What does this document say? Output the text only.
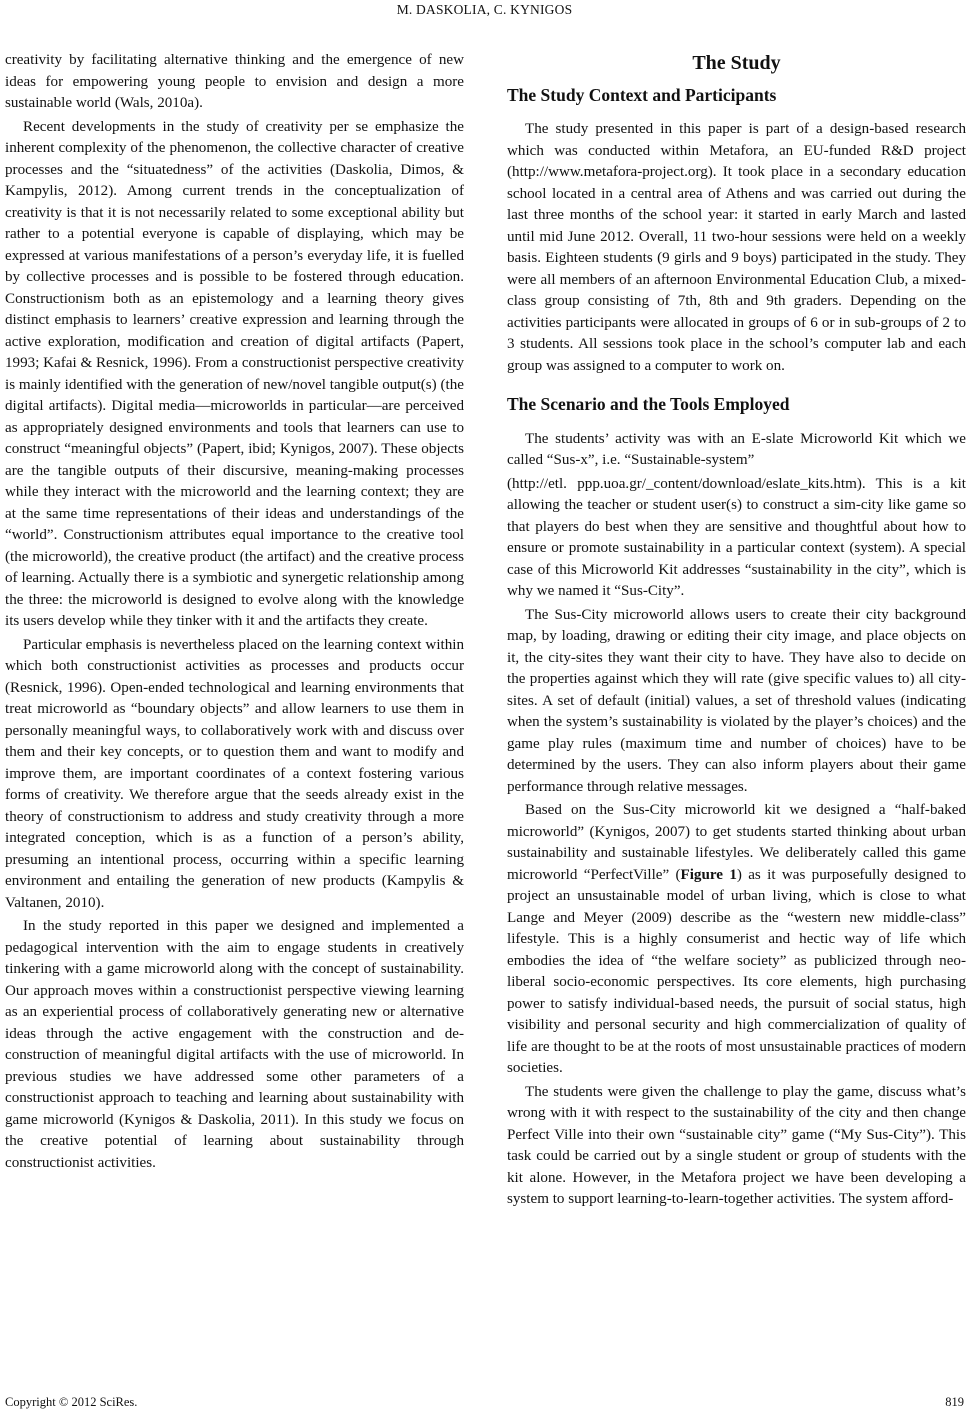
M. DASKOLIA, C. KYNIGOS

creativity by facilitating alternative thinking and the emergence of new ideas for empowering young people to envision and design a more sustainable world (Wals, 2010a).

Recent developments in the study of creativity per se emphasize the inherent complexity of the phenomenon, the collective character of creative processes and the “situatedness” of the activities (Daskolia, Dimos, & Kampylis, 2012). Among current trends in the conceptualization of creativity is that it is not necessarily related to some exceptional ability but rather to a potential everyone is capable of displaying, which may be expressed at various manifestations of a person’s everyday life, it is fuelled by collective processes and is possible to be fostered through education. Constructionism both as an epistemology and a learning theory gives distinct emphasis to learners’ creative expression and learning through the active exploration, modification and creation of digital artifacts (Papert, 1993; Kafai & Resnick, 1996). From a constructionist perspective creativity is mainly identified with the generation of new/novel tangible output(s) (the digital artifacts). Digital media—microworlds in particular—are perceived as appropriately designed environments and tools that learners can use to construct “meaningful objects” (Papert, ibid; Kynigos, 2007). These objects are the tangible outputs of their discursive, meaning-making processes while they interact with the microworld and the learning context; they are at the same time representations of their ideas and understandings of the “world”. Constructionism attributes equal importance to the creative tool (the microworld), the creative product (the artifact) and the creative process of learning. Actually there is a symbiotic and synergetic relationship among the three: the microworld is designed to evolve along with the knowledge its users develop while they tinker with it and the artifacts they create.

Particular emphasis is nevertheless placed on the learning context within which both constructionist activities as processes and products occur (Resnick, 1996). Open-ended technological and learning environments that treat microworld as “boundary objects” and allow learners to use them in personally meaningful ways, to collaboratively work with and discuss over them and their key concepts, or to question them and want to modify and improve them, are important coordinates of a context fostering various forms of creativity. We therefore argue that the seeds already exist in the theory of constructionism to address and study creativity through a more integrated conception, which is as a function of a person’s ability, presuming an intentional process, occurring within a specific learning environment and entailing the generation of new products (Kampylis & Valtanen, 2010).

In the study reported in this paper we designed and implemented a pedagogical intervention with the aim to engage students in creatively tinkering with a game microworld along with the concept of sustainability. Our approach moves within a constructionist perspective viewing learning as an experiential process of collaboratively generating new or alternative ideas through the active engagement with the construction and de-construction of meaningful digital artifacts with the use of microworld. In previous studies we have addressed some other parameters of a constructionist approach to teaching and learning about sustainability with game microworld (Kynigos & Daskolia, 2011). In this study we focus on the creative potential of learning about sustainability through constructionist activities.

The Study
The Study Context and Participants

The study presented in this paper is part of a design-based research which was conducted within Metafora, an EU-funded R&D project (http://www.metafora-project.org). It took place in a secondary education school located in a central area of Athens and was carried out during the last three months of the school year: it started in early March and lasted until mid June 2012. Overall, 11 two-hour sessions were held on a weekly basis. Eighteen students (9 girls and 9 boys) participated in the study. They were all members of an afternoon Environmental Education Club, a mixed-class group consisting of 7th, 8th and 9th graders. Depending on the activities participants were allocated in groups of 6 or in sub-groups of 2 to 3 students. All sessions took place in the school’s computer lab and each group was assigned to a computer to work on.

The Scenario and the Tools Employed

The students’ activity was with an E-slate Microworld Kit which we called “Sus-x”, i.e. “Sustainable-system”

(http://etl. ppp.uoa.gr/_content/download/eslate_kits.htm). This is a kit allowing the teacher or student user(s) to construct a sim-city like game so that players do best when they are sensitive and thoughtful about how to ensure or promote sustainability in a particular context (system). A special case of this Microworld Kit addresses “sustainability in the city”, which is why we named it “Sus-City”.

The Sus-City microworld allows users to create their city background map, by loading, drawing or editing their city image, and place objects on it, the city-sites they want their city to have. They have also to decide on the properties against which they will rate (give specific values to) all city-sites. A set of default (initial) values, a set of threshold values (indicating when the system’s sustainability is violated by the player’s choices) and the game play rules (maximum time and number of choices) have to be determined by the users. They can also inform players about their game performance through relative messages.

Based on the Sus-City microworld kit we designed a “half-baked microworld” (Kynigos, 2007) to get students started thinking about urban sustainability and sustainable lifestyles. We deliberately called this game microworld “PerfectVille” (Figure 1) as it was purposefully designed to project an unsustainable model of urban living, which is close to what Lange and Meyer (2009) describe as the “western new middle-class” lifestyle. This is a highly consumerist and hectic way of life which embodies the idea of “the welfare society” as publicized through neo-liberal socio-economic perspectives. Its core elements, high purchasing power to satisfy individual-based needs, the pursuit of social status, high visibility and personal security and high commercialization of quality of life are thought to be at the roots of most unsustainable practices of modern societies.

The students were given the challenge to play the game, discuss what’s wrong with it with respect to the sustainability of the city and then change Perfect Ville into their own “sustainable city” game (“My Sus-City”). This task could be carried out by a single student or group of students with the kit alone. However, in the Metafora project we have been developing a system to support learning-to-learn-together activities. The system afford-

Copyright © 2012 SciRes.	819
